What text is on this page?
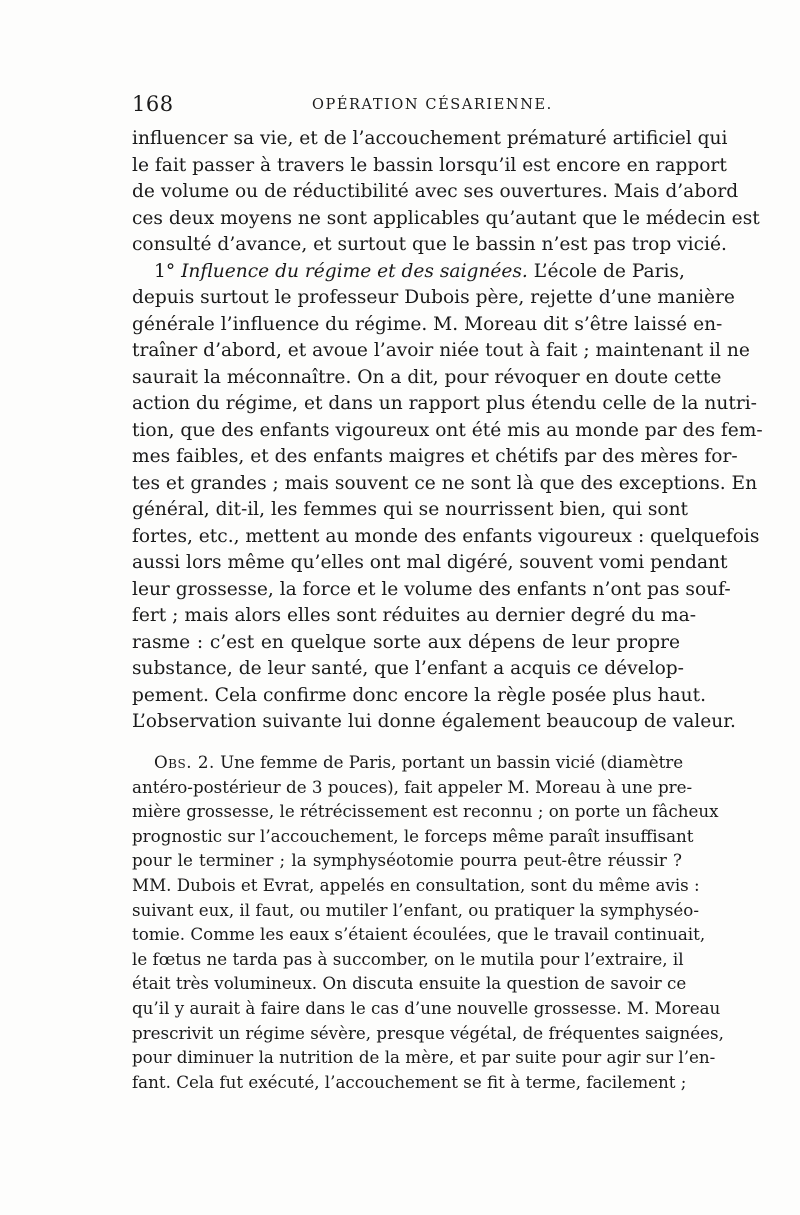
168	OPÉRATION CÉSARIENNE.
influencer sa vie, et de l’accouchement prématuré artificiel qui
le fait passer à travers le bassin lorsqu’il est encore en rapport
de volume ou de réductibilité avec ses ouvertures. Mais d’abord
ces deux moyens ne sont applicables qu’autant que le médecin est
consulté d’avance, et surtout que le bassin n’est pas trop vicié.
1° Influence du régime et des saignées. L’école de Paris,
depuis surtout le professeur Dubois père, rejette d’une manière
générale l’influence du régime. M. Moreau dit s’être laissé en-
traîner d’abord, et avoue l’avoir niée tout à fait ; maintenant il ne
saurait la méconnaître. On a dit, pour révoquer en doute cette
action du régime, et dans un rapport plus étendu celle de la nutri-
tion, que des enfants vigoureux ont été mis au monde par des fem-
mes faibles, et des enfants maigres et chétifs par des mères for-
tes et grandes ; mais souvent ce ne sont là que des exceptions. En
général, dit-il, les femmes qui se nourrissent bien, qui sont
fortes, etc., mettent au monde des enfants vigoureux : quelquefois
aussi lors même qu’elles ont mal digéré, souvent vomi pendant
leur grossesse, la force et le volume des enfants n’ont pas souf-
fert ; mais alors elles sont réduites au dernier degré du ma-
rasme : c’est en quelque sorte aux dépens de leur propre
substance, de leur santé, que l’enfant a acquis ce dévelop-
pement. Cela confirme donc encore la règle posée plus haut.
L’observation suivante lui donne également beaucoup de valeur.
Obs. 2. Une femme de Paris, portant un bassin vicié (diamètre
antéro-postérieur de 3 pouces), fait appeler M. Moreau à une pre-
mière grossesse, le rétrécissement est reconnu ; on porte un fâcheux
prognostic sur l’accouchement, le forceps même paraît insuffisant
pour le terminer ; la symphyséotomie pourra peut-être réussir ?
MM. Dubois et Evrat, appelés en consultation, sont du même avis :
suivant eux, il faut, ou mutiler l’enfant, ou pratiquer la symphyséo-
tomie. Comme les eaux s’étaient écoulées, que le travail continuait,
le fœtus ne tarda pas à succomber, on le mutila pour l’extraire, il
était très volumineux. On discuta ensuite la question de savoir ce
qu’il y aurait à faire dans le cas d’une nouvelle grossesse. M. Moreau
prescrivit un régime sévère, presque végétal, de fréquentes saignées,
pour diminuer la nutrition de la mère, et par suite pour agir sur l’en-
fant. Cela fut exécuté, l’accouchement se fit à terme, facilement ;
